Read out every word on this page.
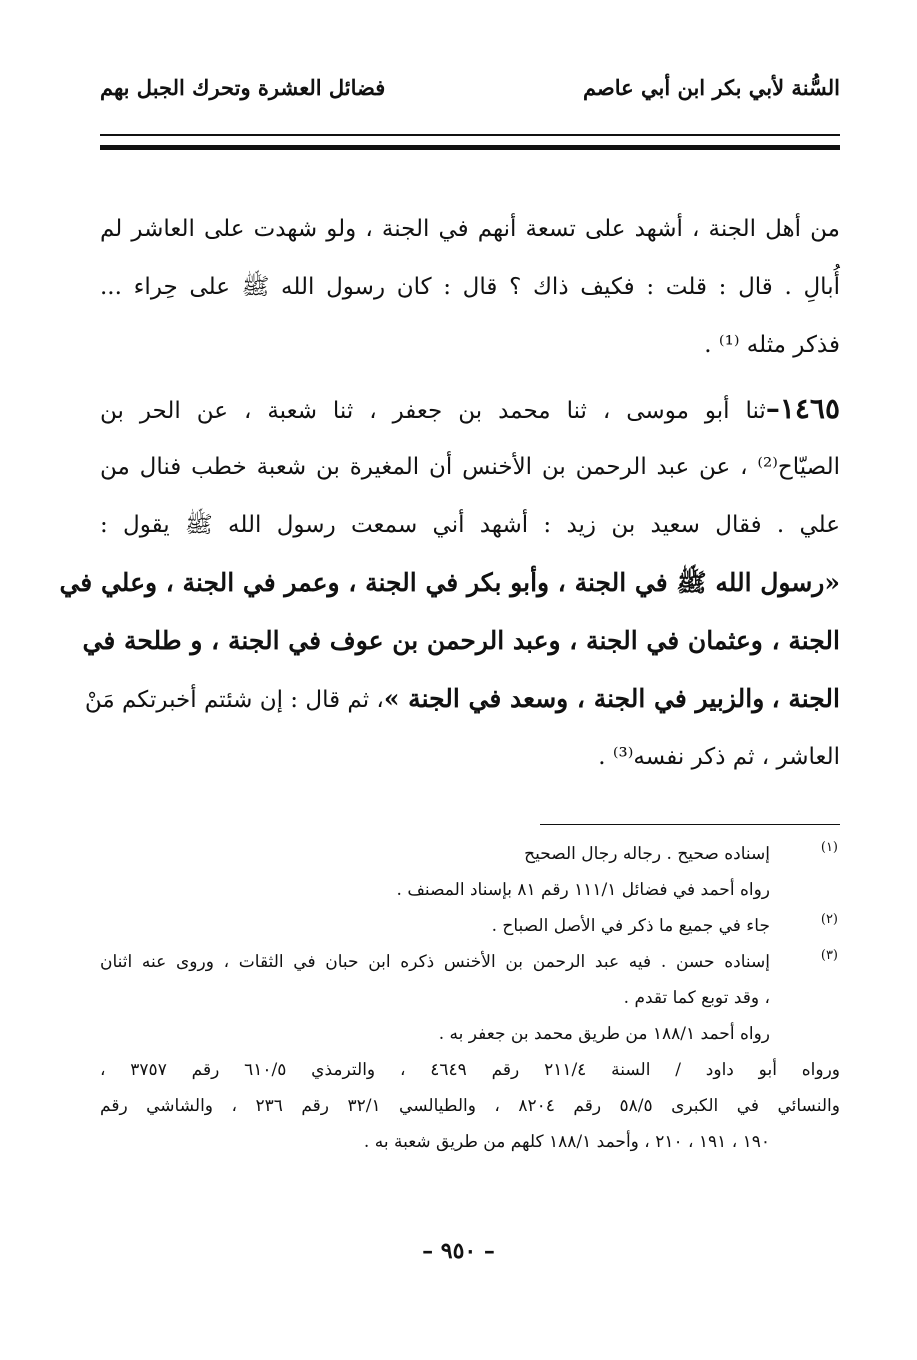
السُّنة لأبي بكر ابن أبي عاصم
فضائل العشرة وتحرك الجبل بهم
من أهل الجنة ، أشهد على تسعة أنهم في الجنة ، ولو شهدت على العاشر لم
أُبالِ . قال : قلت : فكيف ذاك ؟ قال : كان رسول الله ﷺ على حِراء ...
فذكر مثله ⁽¹⁾ .
١٤٦٥–ثنا أبو موسى ، ثنا محمد بن جعفر ، ثنا شعبة ، عن الحر بن
الصيّاح⁽²⁾ ، عن عبد الرحمن بن الأخنس أن المغيرة بن شعبة خطب فنال من
علي . فقال سعيد بن زيد : أشهد أني سمعت رسول الله ﷺ يقول :
«رسول الله ﷺ في الجنة ، وأبو بكر في الجنة ، وعمر في الجنة ، وعلي في
الجنة ، وعثمان في الجنة ، وعبد الرحمن بن عوف في الجنة ، و طلحة في
الجنة ، والزبير في الجنة ، وسعد في الجنة »، ثم قال : إن شئتم أخبرتكم مَنْ
العاشر ، ثم ذكر نفسه⁽³⁾ .
(١)
إسناده صحيح . رجاله رجال الصحيح
رواه أحمد في فضائل ١١١/١ رقم ٨١ بإسناد المصنف .
(٢)
جاء في جميع ما ذكر في الأصل الصباح .
(٣)
إسناده حسن . فيه عبد الرحمن بن الأخنس ذكره ابن حبان في الثقات ، وروى عنه اثنان
، وقد توبع كما تقدم .
رواه أحمد ١٨٨/١ من طريق محمد بن جعفر به .
ورواه أبو داود / السنة ٢١١/٤ رقم ٤٦٤٩ ، والترمذي ٦١٠/٥ رقم ٣٧٥٧ ،
والنسائي في الكبرى ٥٨/٥ رقم ٨٢٠٤ ، والطيالسي ٣٢/١ رقم ٢٣٦ ، والشاشي رقم
١٩٠ ، ١٩١ ، ٢١٠ ، وأحمد ١٨٨/١ كلهم من طريق شعبة به .
– ٩٥٠ –
